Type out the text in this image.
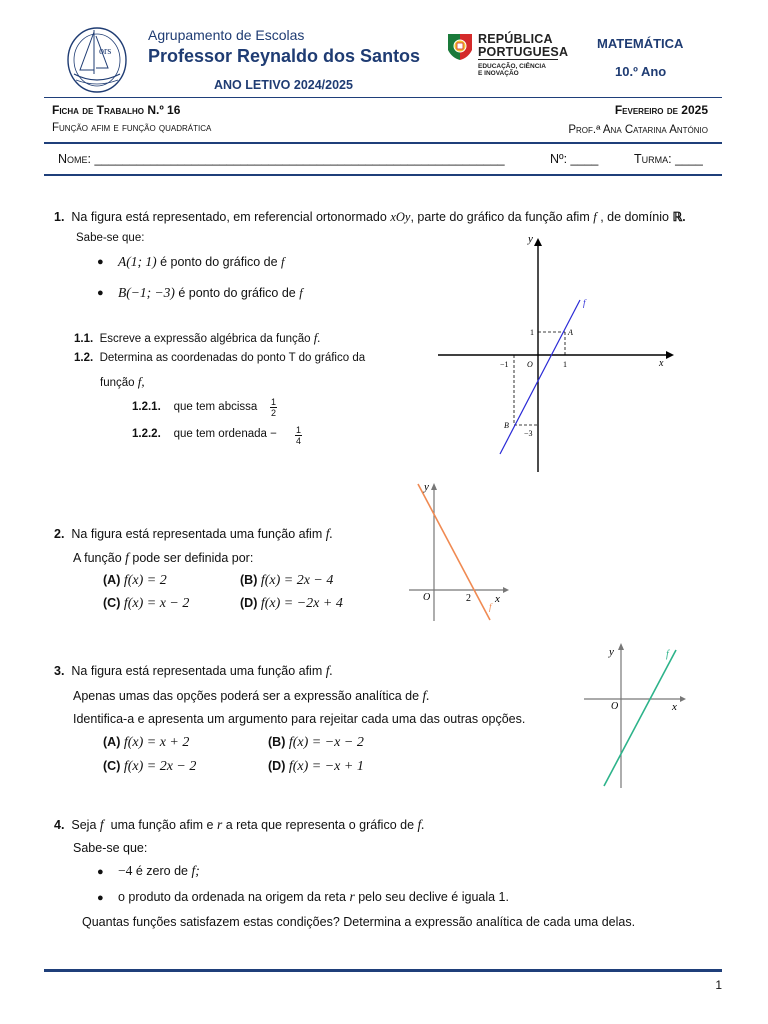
ors
Agrupamento de Escolas
Professor Reynaldo dos Santos
ANO LETIVO 2024/2025
REPÚBLICA
PORTUGUESA
EDUCAÇÃO, CIÊNCIA E INOVAÇÃO
MATEMÁTICA
10.º Ano
Ficha de Trabalho N.º 16
Função afim e função quadrática
Fevereiro de 2025
Prof.ª Ana Catarina António
Nome: ___________________________________________________________	Nº: ____	Turma: ____
1. Na figura está representado, em referencial ortonormado xOy, parte do gráfico da função afim f , de domínio ℝ.
Sabe-se que:
● A(1; 1) é ponto do gráfico de f
● B(−1; −3) é ponto do gráfico de f
1.1. Escreve a expressão algébrica da função f.
1.2. Determina as coordenadas do ponto T do gráfico da
função f,
1.2.1. que tem abcissa $\frac{1}{2}$
1.2.2. que tem ordenada − $\frac{1}{4}$
y
x
f
A
B
O
1
1
−1
−3
2. Na figura está representada uma função afim f.
A função f pode ser definida por:
(A) f(x) = 2	(B) f(x) = 2x − 4
(C) f(x) = x − 2	(D) f(x) = −2x + 4
y
x
O	2
f
3. Na figura está representada uma função afim f.
Apenas umas das opções poderá ser a expressão analítica de f.
Identifica-a e apresenta um argumento para rejeitar cada uma das outras opções.
(A) f(x) = x + 2	(B) f(x) = −x − 2
(C) f(x) = 2x − 2	(D) f(x) = −x + 1
y
x
O
f
4. Seja f uma função afim e r a reta que representa o gráfico de f.
Sabe-se que:
● −4 é zero de f;
● o produto da ordenada na origem da reta r pelo seu declive é iguala 1.
Quantas funções satisfazem estas condições? Determina a expressão analítica de cada uma delas.
1
